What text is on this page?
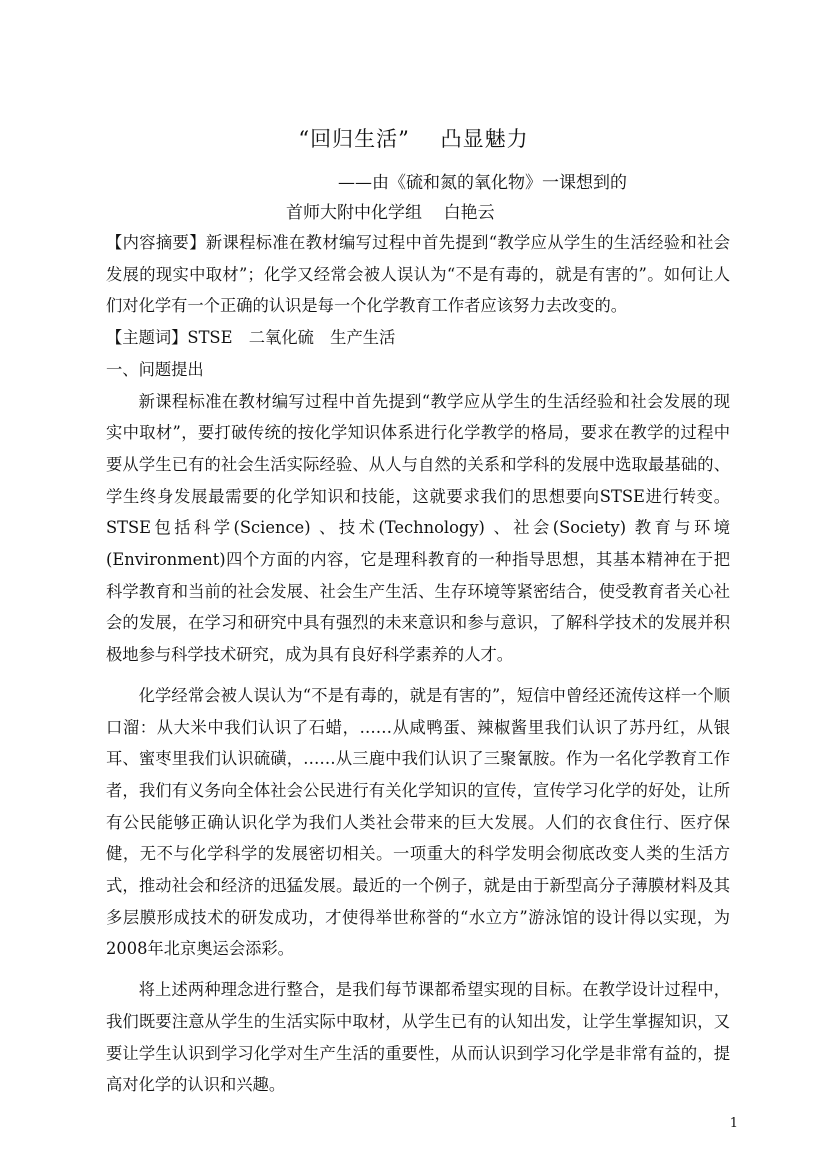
“回归生活”    凸显魅力
——由《硫和氮的氧化物》一课想到的
首师大附中化学组    白艳云

【内容摘要】新课程标准在教材编写过程中首先提到“教学应从学生的生活经验和社会发展的现实中取材”；化学又经常会被人误认为“不是有毒的，就是有害的”。如何让人们对化学有一个正确的认识是每一个化学教育工作者应该努力去改变的。

【主题词】STSE　二氧化硫　生产生活

一、问题提出

新课程标准在教材编写过程中首先提到“教学应从学生的生活经验和社会发展的现实中取材”，要打破传统的按化学知识体系进行化学教学的格局，要求在教学的过程中要从学生已有的社会生活实际经验、从人与自然的关系和学科的发展中选取最基础的、学生终身发展最需要的化学知识和技能，这就要求我们的思想要向STSE进行转变。STSE包括科学(Science) 、技术(Technology) 、社会(Society) 教育与环境(Environment)四个方面的内容，它是理科教育的一种指导思想，其基本精神在于把科学教育和当前的社会发展、社会生产生活、生存环境等紧密结合，使受教育者关心社会的发展，在学习和研究中具有强烈的未来意识和参与意识，了解科学技术的发展并积极地参与科学技术研究，成为具有良好科学素养的人才。

化学经常会被人误认为“不是有毒的，就是有害的”，短信中曾经还流传这样一个顺口溜：从大米中我们认识了石蜡，……从咸鸭蛋、辣椒酱里我们认识了苏丹红，从银耳、蜜枣里我们认识硫磺，……从三鹿中我们认识了三聚氰胺。作为一名化学教育工作者，我们有义务向全体社会公民进行有关化学知识的宣传，宣传学习化学的好处，让所有公民能够正确认识化学为我们人类社会带来的巨大发展。人们的衣食住行、医疗保健，无不与化学科学的发展密切相关。一项重大的科学发明会彻底改变人类的生活方式，推动社会和经济的迅猛发展。最近的一个例子，就是由于新型高分子薄膜材料及其多层膜形成技术的研发成功，才使得举世称誉的“水立方”游泳馆的设计得以实现，为 2008年北京奥运会添彩。

将上述两种理念进行整合，是我们每节课都希望实现的目标。在教学设计过程中，我们既要注意从学生的生活实际中取材，从学生已有的认知出发，让学生掌握知识，又要让学生认识到学习化学对生产生活的重要性，从而认识到学习化学是非常有益的，提高对化学的认识和兴趣。

1
